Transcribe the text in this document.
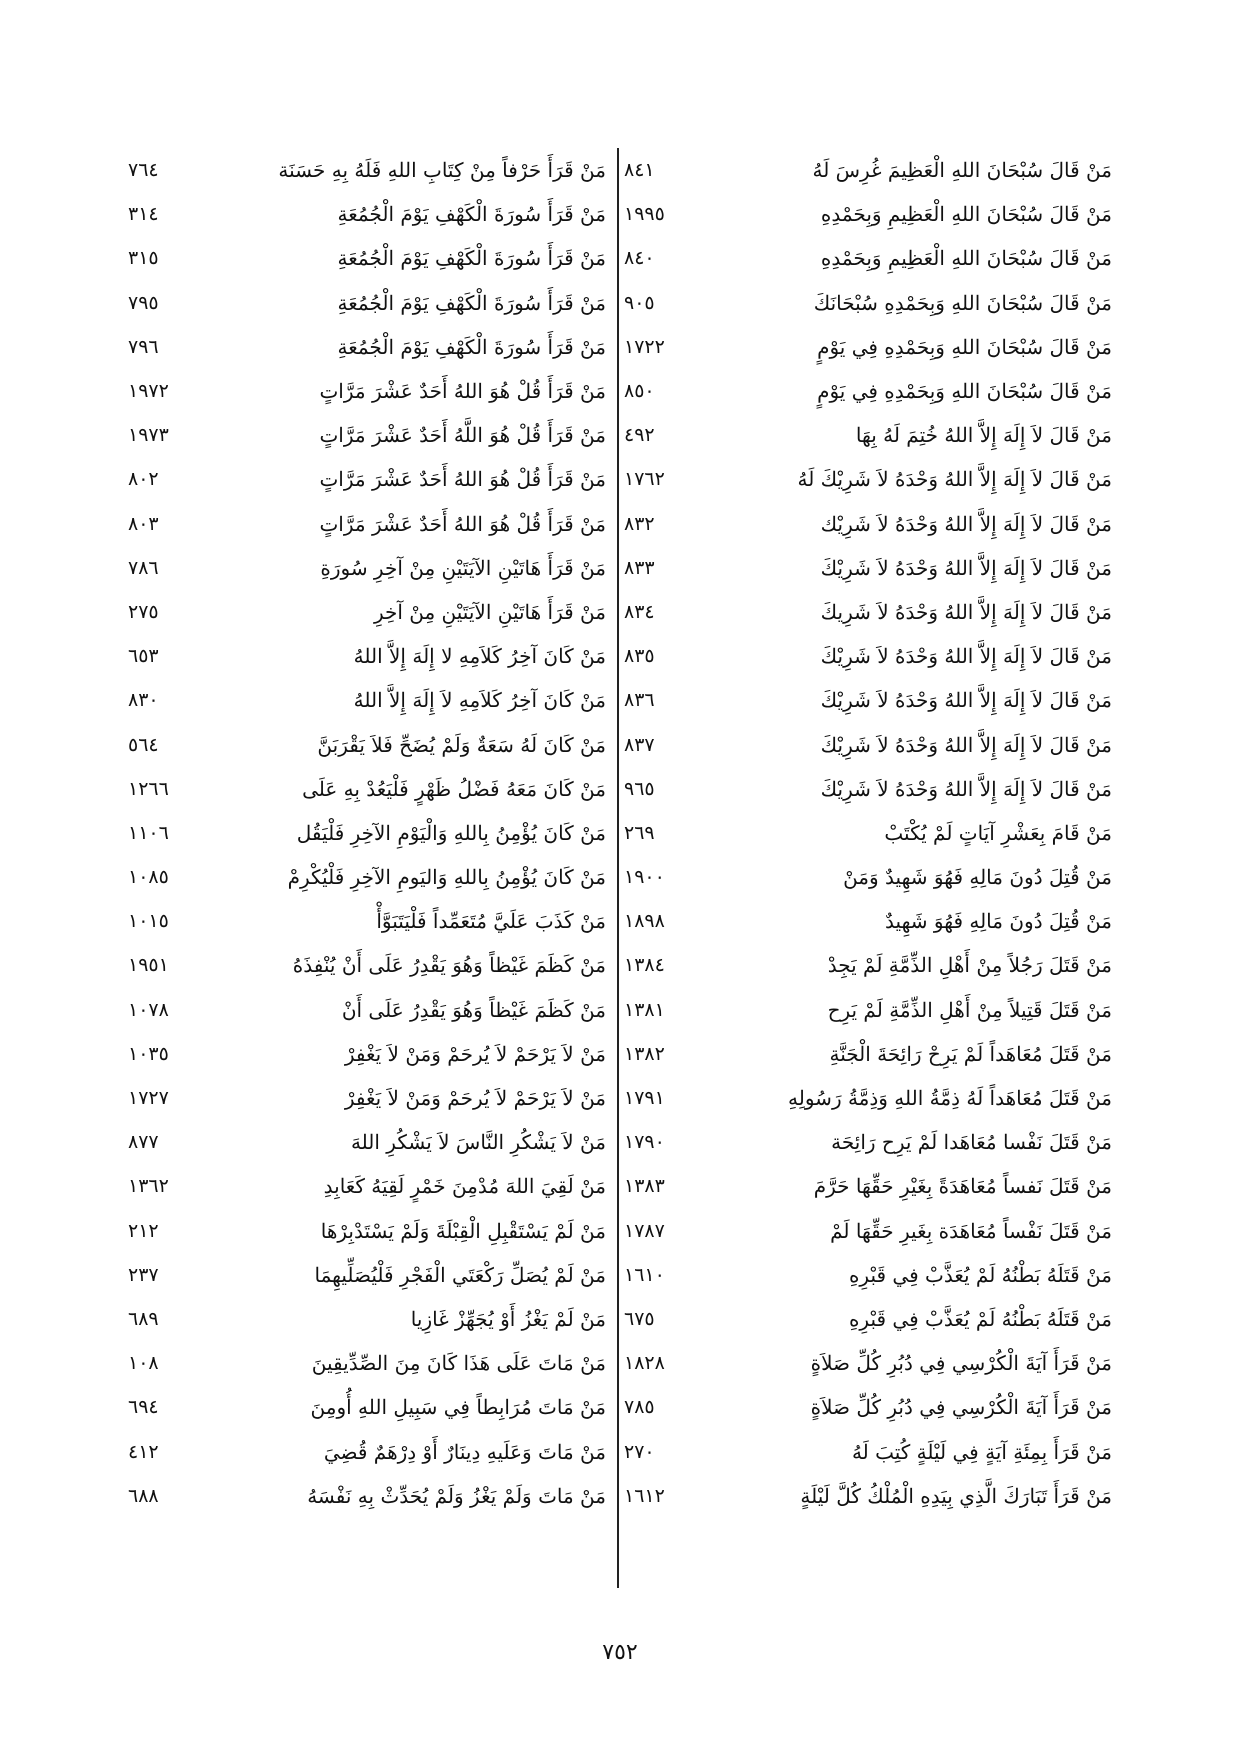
مَنْ قَالَ سُبْحَانَ اللهِ الْعَظِيمَ غُرِسَ لَهُ
٨٤١
مَنْ قَالَ سُبْحَانَ اللهِ الْعَظِيمِ وَبِحَمْدِهِ
١٩٩٥
مَنْ قَالَ سُبْحَانَ اللهِ الْعَظِيمِ وَبِحَمْدِهِ
٨٤٠
مَنْ قَالَ سُبْحَانَ اللهِ وَبِحَمْدِهِ سُبْحَانَكَ
٩٠٥
مَنْ قَالَ سُبْحَانَ اللهِ وَبِحَمْدِهِ فِي يَوْمٍ
١٧٢٢
مَنْ قَالَ سُبْحَانَ اللهِ وَبِحَمْدِهِ فِي يَوْمٍ
٨٥٠
مَنْ قَالَ لاَ إِلَهَ إِلاَّ اللهُ خُتِمَ لَهُ بِهَا
٤٩٢
مَنْ قَالَ لاَ إِلَهَ إِلاَّ اللهُ وَحْدَهُ لاَ شَرِيْكَ لَهُ
١٧٦٢
مَنْ قَالَ لاَ إِلَهَ إِلاَّ اللهُ وَحْدَهُ لاَ شَرِيْك
٨٣٢
مَنْ قَالَ لاَ إِلَهَ إِلاَّ اللهُ وَحْدَهُ لاَ شَرِيْكَ
٨٣٣
مَنْ قَالَ لاَ إِلَهَ إِلاَّ اللهُ وَحْدَهُ لاَ شَرِيكَ
٨٣٤
مَنْ قَالَ لاَ إِلَهَ إِلاَّ اللهُ وَحْدَهُ لاَ شَرِيْكَ
٨٣٥
مَنْ قَالَ لاَ إِلَهَ إِلاَّ اللهُ وَحْدَهُ لاَ شَرِيْكَ
٨٣٦
مَنْ قَالَ لاَ إِلَهَ إِلاَّ اللهُ وَحْدَهُ لاَ شَرِيْكَ
٨٣٧
مَنْ قَالَ لاَ إِلَهَ إِلاَّ اللهُ وَحْدَهُ لاَ شَرِيْكَ
٩٦٥
مَنْ قَامَ بِعَشْرِ آيَاتٍ لَمْ يُكْتَبْ
٢٦٩
مَنْ قُتِلَ دُونَ مَالِهِ فَهُوَ شَهِيدٌ وَمَنْ
١٩٠٠
مَنْ قُتِلَ دُونَ مَالِهِ فَهُوَ شَهِيدٌ
١٨٩٨
مَنْ قَتَلَ رَجُلاً مِنْ أَهْلِ الذِّمَّةِ لَمْ يَجِدْ
١٣٨٤
مَنْ قَتَلَ قَتِيلاً مِنْ أَهْلِ الذِّمَّةِ لَمْ يَرِح
١٣٨١
مَنْ قَتَلَ مُعَاهَداً لَمْ يَرِحْ رَائِحَةَ الْجَنَّةِ
١٣٨٢
مَنْ قَتَلَ مُعَاهَداً لَهُ ذِمَّةُ اللهِ وَذِمَّةُ رَسُولِهِ
١٧٩١
مَنْ قَتَلَ نَفْسا مُعَاهَدا لَمْ يَرِح رَائِحَة
١٧٩٠
مَنْ قَتَلَ نَفساً مُعَاهَدَةً بِغَيْرِ حَقِّهَا حَرَّمَ
١٣٨٣
مَنْ قَتَلَ نَفْساً مُعَاهَدَة بِغَيرِ حَقِّهَا لَمْ
١٧٨٧
مَنْ قَتَلَهُ بَطْنُهُ لَمْ يُعَذَّبْ فِي قَبْرِهِ
١٦١٠
مَنْ قَتَلَهُ بَطْنُهُ لَمْ يُعَذَّبْ فِي قَبْرِهِ
٦٧٥
مَنْ قَرَأَ آيَةَ الْكُرْسِي فِي دُبُرِ كُلِّ صَلاَةٍ
١٨٢٨
مَنْ قَرَأَ آيَةَ الْكُرْسِي فِي دُبُرِ كُلِّ صَلاَةٍ
٧٨٥
مَنْ قَرَأَ بِمِئَةِ آيَةٍ فِي لَيْلَةٍ كُتِبَ لَهُ
٢٧٠
مَنْ قَرَأَ تَبَارَكَ الَّذِي بِيَدِهِ الْمُلْكُ كُلَّ لَيْلَةٍ
١٦١٢
مَنْ قَرَأَ حَرْفاً مِنْ كِتَابِ اللهِ فَلَهُ بِهِ حَسَنَة
٧٦٤
مَنْ قَرَأَ سُورَةَ الْكَهْفِ يَوْمَ الْجُمُعَةِ
٣١٤
مَنْ قَرَأَ سُورَةَ الْكَهْفِ يَوْمَ الْجُمُعَةِ
٣١٥
مَنْ قَرَأَ سُورَةَ الْكَهْفِ يَوْمَ الْجُمُعَةِ
٧٩٥
مَنْ قَرَأَ سُورَةَ الْكَهْفِ يَوْمَ الْجُمُعَةِ
٧٩٦
مَنْ قَرَأَ قُلْ هُوَ اللهُ أَحَدٌ عَشْرَ مَرَّاتٍ
١٩٧٢
مَنْ قَرَأَ قُلْ هُوَ اللَّهُ أَحَدٌ عَشْرَ مَرَّاتٍ
١٩٧٣
مَنْ قَرَأَ قُلْ هُوَ اللهُ أَحَدٌ عَشْرَ مَرَّاتٍ
٨٠٢
مَنْ قَرَأَ قُلْ هُوَ اللهُ أَحَدٌ عَشْرَ مَرَّاتٍ
٨٠٣
مَنْ قَرَأَ هَاتَيْنِ الآيَتَيْنِ مِنْ آخِرِ سُورَةِ
٧٨٦
مَنْ قَرَأَ هَاتَيْنِ الآيَتَيْنِ مِنْ آخِرِ
٢٧٥
مَنْ كَانَ آخِرُ كَلاَمِهِ لا إِلَهَ إِلاَّ اللهُ
٦٥٣
مَنْ كَانَ آخِرُ كَلاَمِهِ لاَ إِلَهَ إِلاَّ اللهُ
٨٣٠
مَنْ كَانَ لَهُ سَعَةٌ وَلَمْ يُضَحِّ فَلاَ يَقْرَبَنَّ
٥٦٤
مَنْ كَانَ مَعَهُ فَضْلُ ظَهْرٍ فَلْيَعُدْ بِهِ عَلَى
١٢٦٦
مَنْ كَانَ يُؤْمِنُ بِاللهِ وَالْيَوْمِ الآخِرِ فَلْيَقُل
١١٠٦
مَنْ كَانَ يُؤْمِنُ بِاللهِ وَاليَومِ الآخِرِ فَلْيُكْرِمْ
١٠٨٥
مَنْ كَذَبَ عَلَيَّ مُتَعَمِّداً فَلْيَتَبَوَّأْ
١٠١٥
مَنْ كَظَمَ غَيْظاً وَهُوَ يَقْدِرُ عَلَى أَنْ يُنْفِذَهُ
١٩٥١
مَنْ كَظَمَ غَيْظاً وَهُوَ يَقْدِرُ عَلَى أَنْ
١٠٧٨
مَنْ لاَ يَرْحَمْ لاَ يُرحَمْ وَمَنْ لاَ يَغْفِرْ
١٠٣٥
مَنْ لاَ يَرْحَمْ لاَ يُرحَمْ وَمَنْ لاَ يَغْفِرْ
١٧٢٧
مَنْ لاَ يَشْكُرِ النَّاسَ لاَ يَشْكُرِ اللهَ
٨٧٧
مَنْ لَقِيَ اللهَ مُدْمِنَ خَمْرٍ لَقِيَهُ كَعَابِدِ
١٣٦٢
مَنْ لَمْ يَسْتَقْبِلِ الْقِبْلَةَ وَلَمْ يَسْتَدْبِرْهَا
٢١٢
مَنْ لَمْ يُصَلِّ رَكْعَتَي الْفَجْرِ فَلْيُصَلِّيهِمَا
٢٣٧
مَنْ لَمْ يَغْزُ أَوْ يُجَهِّزْ غَازِيا
٦٨٩
مَنْ مَاتَ عَلَى هَذَا كَانَ مِنَ الصِّدِّيقِينَ
١٠٨
مَنْ مَاتَ مُرَابِطاً فِي سَبِيلِ اللهِ أُومِنَ
٦٩٤
مَنْ مَاتَ وَعَلَيهِ دِينَارٌ أَوْ دِرْهَمٌ قُضِيَ
٤١٢
مَنْ مَاتَ وَلَمْ يَغْزُ وَلَمْ يُحَدِّثْ بِهِ نَفْسَهُ
٦٨٨
٧٥٢
